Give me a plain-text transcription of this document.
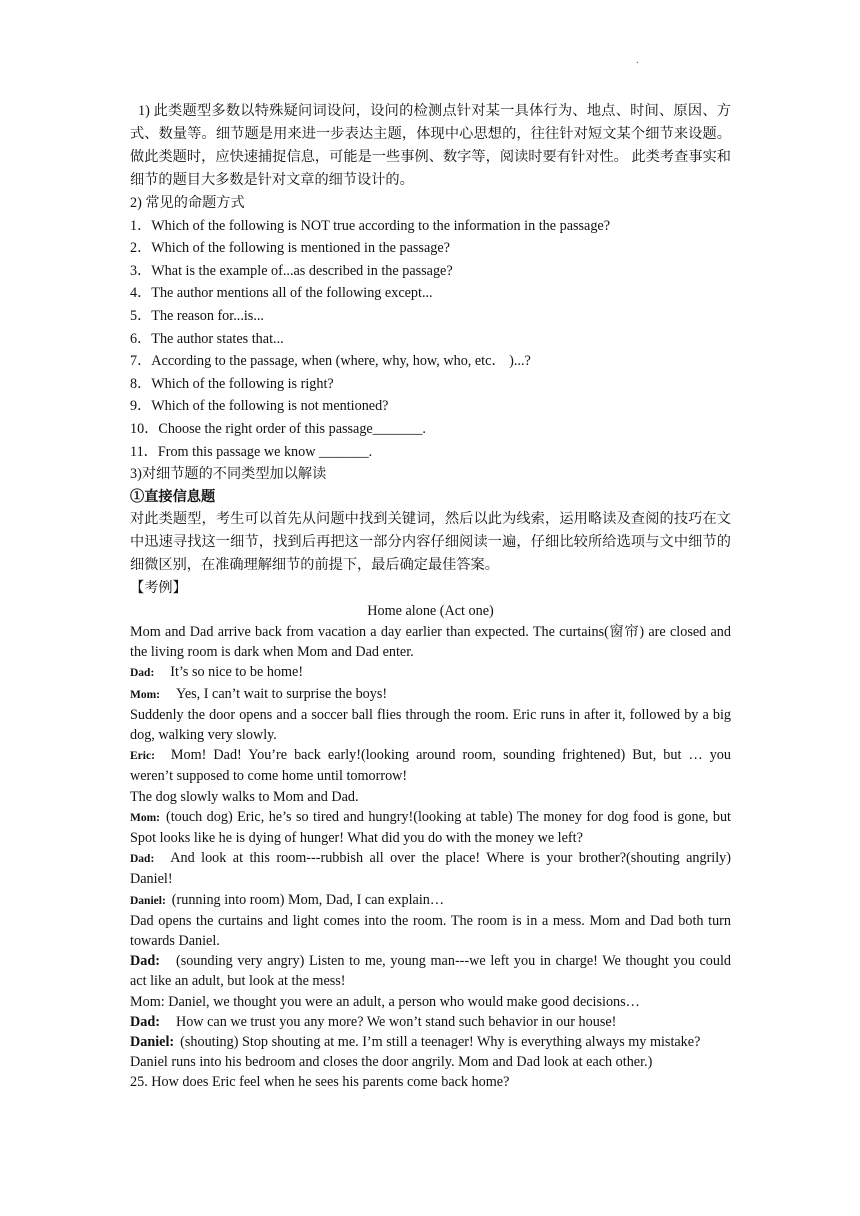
.

1) 此类题型多数以特殊疑问词设问，设问的检测点针对某一具体行为、地点、时间、原因、方式、数量等。细节题是用来进一步表达主题，体现中心思想的，往往针对短文某个细节来设题。做此类题时，应快速捕捉信息，可能是一些事例、数字等，阅读时要有针对性。 此类考查事实和细节的题目大多数是针对文章的细节设计的。

2) 常见的命题方式

1．Which of the following is NOT true according to the information in the passage?

2．Which of the following is mentioned in the passage?

3．What is the example of...as described in the passage?

4．The author mentions all of the following except...

5．The reason for...is...

6．The author states that...

7．According to the passage, when (where, why, how, who, etc． )...?

8．Which of the following is right?

9．Which of the following is not mentioned?

10．Choose the right order of this passage_______.

11．From this passage we know _______.

3)对细节题的不同类型加以解读

①直接信息题

对此类题型，考生可以首先从问题中找到关键词，然后以此为线索，运用略读及查阅的技巧在文中迅速寻找这一细节，找到后再把这一部分内容仔细阅读一遍，仔细比较所给选项与文中细节的细微区别，在准确理解细节的前提下，最后确定最佳答案。

【考例】

Home alone (Act one)

Mom and Dad arrive back from vacation a day earlier than expected. The curtains(窗帘) are closed and the living room is dark when Mom and Dad enter.

Dad: It’s so nice to be home!

Mom: Yes, I can’t wait to surprise the boys!

Suddenly the door opens and a soccer ball flies through the room. Eric runs in after it, followed by a big dog, walking very slowly.

Eric: Mom! Dad! You’re back early!(looking around room, sounding frightened) But, but … you weren’t supposed to come home until tomorrow!

The dog slowly walks to Mom and Dad.

Mom: (touch dog) Eric, he’s so tired and hungry!(looking at table) The money for dog food is gone, but Spot looks like he is dying of hunger! What did you do with the money we left?

Dad: And look at this room---rubbish all over the place! Where is your brother?(shouting angrily) Daniel!

Daniel: (running into room) Mom, Dad, I can explain…

Dad opens the curtains and light comes into the room. The room is in a mess. Mom and Dad both turn towards Daniel.

Dad: (sounding very angry) Listen to me, young man---we left you in charge! We thought you could act like an adult, but look at the mess!

Mom: Daniel, we thought you were an adult, a person who would make good decisions…

Dad: How can we trust you any more? We won’t stand such behavior in our house!

Daniel: (shouting) Stop shouting at me. I’m still a teenager! Why is everything always my mistake?

Daniel runs into his bedroom and closes the door angrily. Mom and Dad look at each other.)

25. How does Eric feel when he sees his parents come back home?
